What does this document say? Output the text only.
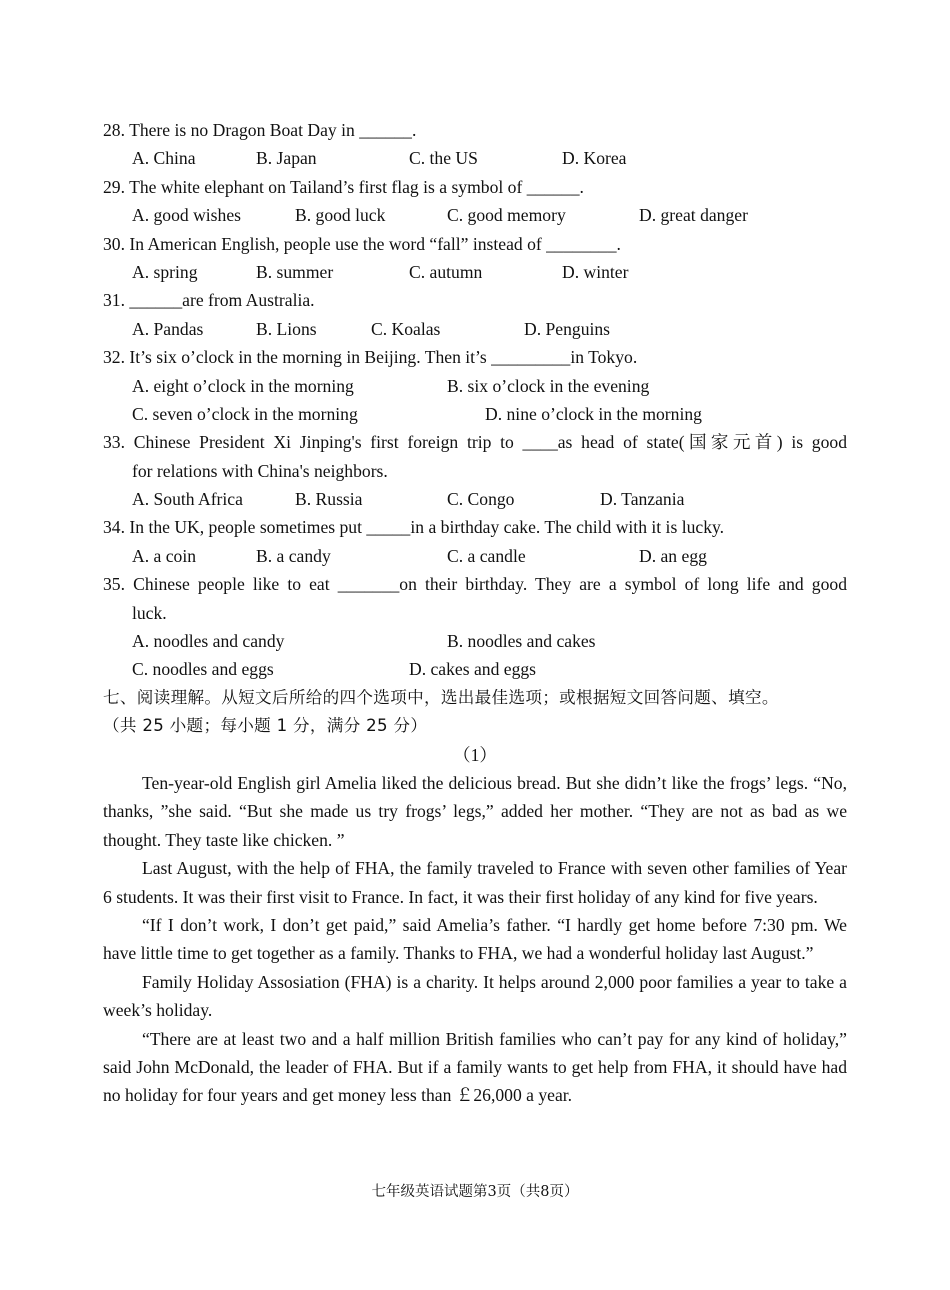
28. There is no Dragon Boat Day in ______.
A. China	B. Japan	C. the US	D. Korea
29. The white elephant on Tailand’s first flag is a symbol of ______.
A. good wishes	B. good luck	C. good memory	D. great danger
30. In American English, people use the word “fall” instead of ________.
A. spring	B. summer	C. autumn	D. winter
31. ______are from Australia.
A. Pandas	B. Lions	C. Koalas	D. Penguins
32. It’s six o’clock in the morning in Beijing. Then it’s _________in Tokyo.
A. eight o’clock in the morning	B. six o’clock in the evening
C. seven o’clock in the morning	D. nine o’clock in the morning
33. Chinese President Xi Jinping's first foreign trip to ____as head of state(国家元首) is good
for relations with China's neighbors.
A. South Africa	B. Russia	C. Congo	D. Tanzania
34. In the UK, people sometimes put _____in a birthday cake. The child with it is lucky.
A. a coin	B. a candy	C. a candle	D. an egg
35. Chinese people like to eat _______on their birthday. They are a symbol of long life and good
luck.
A. noodles and candy	B. noodles and cakes
C. noodles and eggs	D. cakes and eggs
七、阅读理解。从短文后所给的四个选项中，选出最佳选项；或根据短文回答问题、填空。
（共 25 小题；每小题 1 分，满分 25 分）
（1）

Ten-year-old English girl Amelia liked the delicious bread. But she didn’t like the frogs’ legs. “No, thanks, ”she said. “But she made us try frogs’ legs,” added her mother. “They are not as bad as we thought. They taste like chicken. ”

Last August, with the help of FHA, the family traveled to France with seven other families of Year 6 students. It was their first visit to France. In fact, it was their first holiday of any kind for five years.

“If I don’t work, I don’t get paid,” said Amelia’s father. “I hardly get home before 7:30 pm. We have little time to get together as a family. Thanks to FHA, we had a wonderful holiday last August.”

Family Holiday Assosiation (FHA) is a charity. It helps around 2,000 poor families a year to take a week’s holiday.

“There are at least two and a half million British families who can’t pay for any kind of holiday,” said John McDonald, the leader of FHA. But if a family wants to get help from FHA, it should have had no holiday for four years and get money less than ￡26,000 a year.

七年级英语试题第3页（共8页）
